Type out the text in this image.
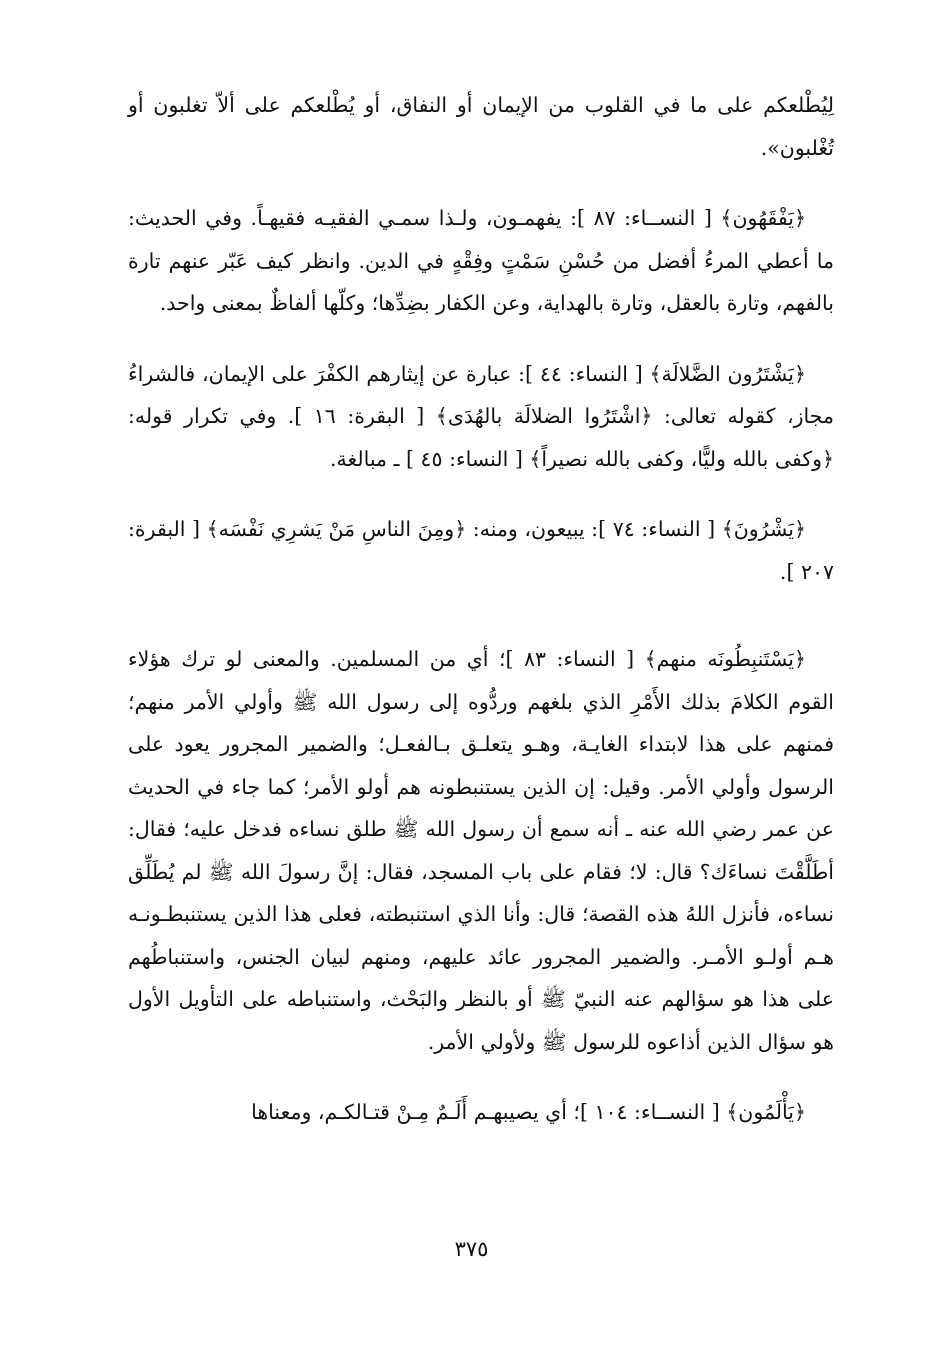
لِيُطْلعكم على ما في القلوب من الإيمان أو النفاق، أو يُطْلعكم على ألاّ تغلبون أو تُغْلبون».

﴿يَفْقَهُون﴾ [ النســاء: ٨٧ ]: يفهمـون، ولـذا سمـي الفقيـه فقيهـاً. وفي الحديث: ما أعطي المرءُ أفضل من حُسْنِ سَمْتٍ وفِقْهٍ في الدين. وانظر كيف عَبّر عنهم تارة بالفهم، وتارة بالعقل، وتارة بالهداية، وعن الكفار بضِدِّها؛ وكلّها ألفاظٌ بمعنى واحد.

﴿يَشْتَرُون الضَّلالَة﴾ [ النساء: ٤٤ ]: عبارة عن إيثارهم الكفْرَ على الإيمان، فالشراءُ مجاز، كقوله تعالى: ﴿اشْتَرُوا الضلالَة بالهُدَى﴾ [ البقرة: ١٦ ]. وفي تكرار قوله: ﴿وكفى بالله وليًّا، وكفى بالله نصيراً﴾ [ النساء: ٤٥ ] ـ مبالغة.

﴿يَشْرُونَ﴾ [ النساء: ٧٤ ]: يبيعون، ومنه: ﴿ومِنَ الناسِ مَنْ يَشرِي نَفْسَه﴾ [ البقرة: ٢٠٧ ].

﴿يَسْتَنبِطُونَه منهم﴾ [ النساء: ٨٣ ]؛ أي من المسلمين. والمعنى لو ترك هؤلاء القوم الكلامَ بذلك الأَمْرِ الذي بلغهم وردُّوه إلى رسول الله ﷺ وأولي الأمر منهم؛ فمنهم على هذا لابتداء الغايـة، وهـو يتعلـق بـالفعـل؛ والضمير المجرور يعود على الرسول وأولي الأمر. وقيل: إن الذين يستنبطونه هم أولو الأمر؛ كما جاء في الحديث عن عمر رضي الله عنه ـ أنه سمع أن رسول الله ﷺ طلق نساءه فدخل عليه؛ فقال: أطَلَّقْتَ نساءَك؟ قال: لا؛ فقام على باب المسجد، فقال: إنَّ رسولَ الله ﷺ لم يُطَلِّق نساءه، فأنزل اللهُ هذه القصة؛ قال: وأنا الذي استنبطته، فعلى هذا الذين يستنبطـونـه هـم أولـو الأمـر. والضمير المجرور عائد عليهم، ومنهم لبيان الجنس، واستنباطُهم على هذا هو سؤالهم عنه النبيّ ﷺ أو بالنظر والبَحْث، واستنباطه على التأويل الأول هو سؤال الذين أذاعوه للرسول ﷺ ولأولي الأمر.

﴿يَأْلَمُون﴾ [ النســاء: ١٠٤ ]؛ أي يصيبهـم أَلَـمٌ مِـنْ قتـالكـم، ومعناها

٣٧٥
